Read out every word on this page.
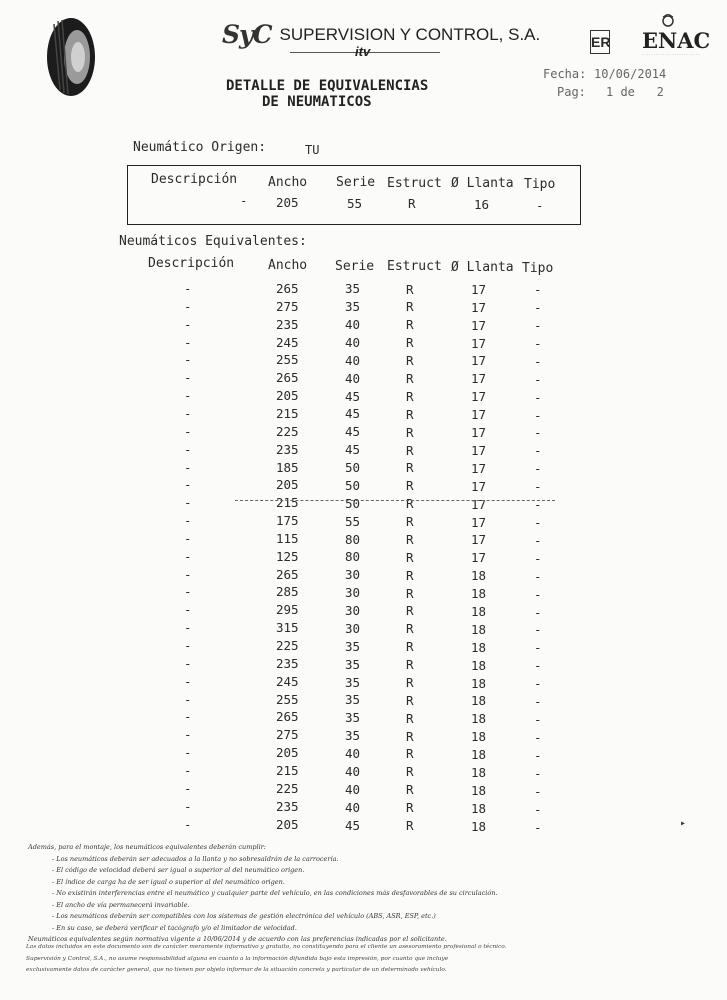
SyC SUPERVISION Y CONTROL, S.A.
itv
ER ENAC
·························
Fecha: 10/06/2014
Pag: 1 de   2
DETALLE DE EQUIVALENCIAS
DE NEUMATICOS
Neumático Origen:	TU
Descripción Ancho Serie Estruct Ø Llanta Tipo
- 205	55	R	16	-
Neumáticos Equivalentes:
Descripción	Ancho Serie Estruct Ø Llanta Tipo
-	265	35	R	17	-
-	275	35	R	17	-
-	235	40	R	17	-
-	245	40	R	17	-
-	255	40	R	17	-
-	265	40	R	17	-
-	205	45	R	17	-
-	215	45	R	17	-
-	225	45	R	17	-
-	235	45	R	17	-
-	185	50	R	17	-
-	205	50	R	17	-
-	215	50	R	17	-
-	175	55	R	17	-
-	115	80	R	17	-
-	125	80	R	17	-
-	265	30	R	18	-
-	285	30	R	18	-
-	295	30	R	18	-
-	315	30	R	18	-
-	225	35	R	18	-
-	235	35	R	18	-
-	245	35	R	18	-
-	255	35	R	18	-
-	265	35	R	18	-
-	275	35	R	18	-
-	205	40	R	18	-
-	215	40	R	18	-
-	225	40	R	18	-
-	235	40	R	18	-
-	205	45	R	18	-
Además, para el montaje, los neumáticos equivalentes deberán cumplir:
- Los neumáticos deberán ser adecuados a la llanta y no sobresaldrán de la carrocería.
- El código de velocidad deberá ser igual o superior al del neumático origen.
- El índice de carga ha de ser igual o superior al del neumático origen.
- No existirán interferencias entre el neumático y cualquier parte del vehículo, en las condiciones más desfavorables de su circulación.
- El ancho de vía permanecerá invariable.
- Los neumáticos deberán ser compatibles con los sistemas de gestión electrónica del vehículo (ABS, ASR, ESP, etc.)
- En su caso, se deberá verificar el tacógrafo y/o el limitador de velocidad.
Neumáticos equivalentes según normativa vigente a 10/06/2014 y de acuerdo con las preferencias indicadas por el solicitante.
Los datos incluidos en este documento son de carácter meramente informativo y gratuito, no constituyendo para el cliente un asesoramiento profesional o técnico.
Supervisión y Control, S.A., no asume responsabilidad alguna en cuanto a la información difundida bajo esta impresión, por cuanto que incluye
exclusivamente datos de carácter general, que no tienen por objeto informar de la situación concreta y particular de un determinado vehículo.
▸
